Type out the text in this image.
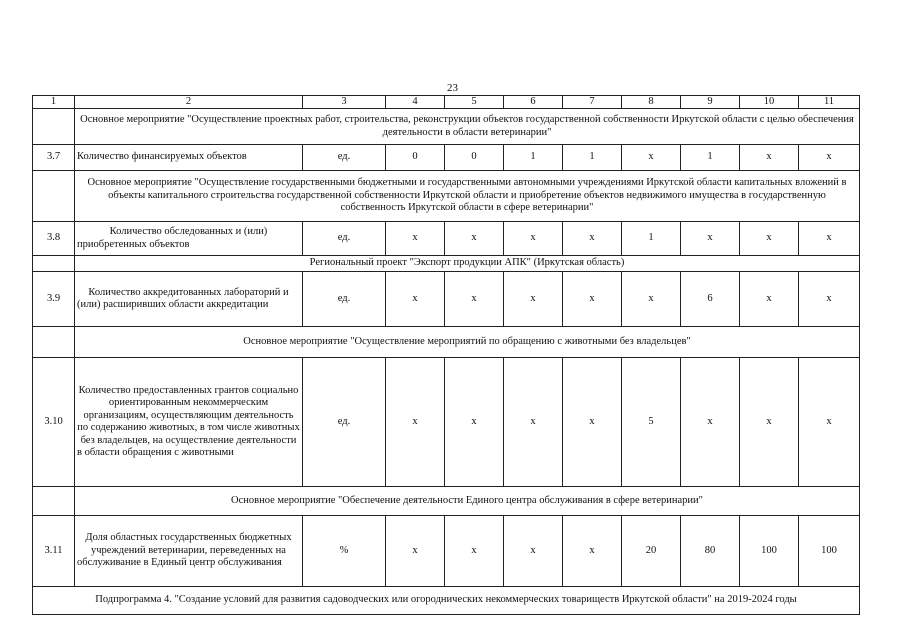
23
1	2	3	4	5	6	7	8	9	10	11
	Основное мероприятие "Осуществление проектных работ, строительства, реконструкции объектов государственной собственности Иркутской области с целью обеспечения деятельности в области ветеринарии"									
3.7	Количество финансируемых объектов	ед.	0	0	1	1	x	1	x	x
	Основное мероприятие "Осуществление государственными бюджетными и государственными автономными учреждениями Иркутской области капитальных вложений в объекты капитального строительства государственной собственности Иркутской области и приобретение объектов недвижимого имущества в государственную собственность Иркутской области в сфере ветеринарии"									
3.8	Количество обследованных и (или) приобретенных объектов	ед.	x	x	x	x	1	x	x	x
	Региональный проект "Экспорт продукции АПК" (Иркутская область)									
3.9	Количество аккредитованных лабораторий и (или) расширивших области аккредитации	ед.	x	x	x	x	x	6	x	x
	Основное мероприятие "Осуществление мероприятий по обращению с животными без владельцев"									
3.10	Количество предоставленных грантов социально ориентированным некоммерческим организациям, осуществляющим деятельность по содержанию животных, в том числе животных без владельцев, на осуществление деятельности в области обращения с животными	ед.	x	x	x	x	5	x	x	x
	Основное мероприятие "Обеспечение деятельности Единого центра обслуживания в сфере ветеринарии"									
3.11	Доля областных государственных бюджетных учреждений ветеринарии, переведенных на обслуживание в Единый центр обслуживания	%	x	x	x	x	20	80	100	100
Подпрограмма 4. "Создание условий для развития садоводческих или огороднических некоммерческих товариществ Иркутской области" на 2019-2024 годы										
